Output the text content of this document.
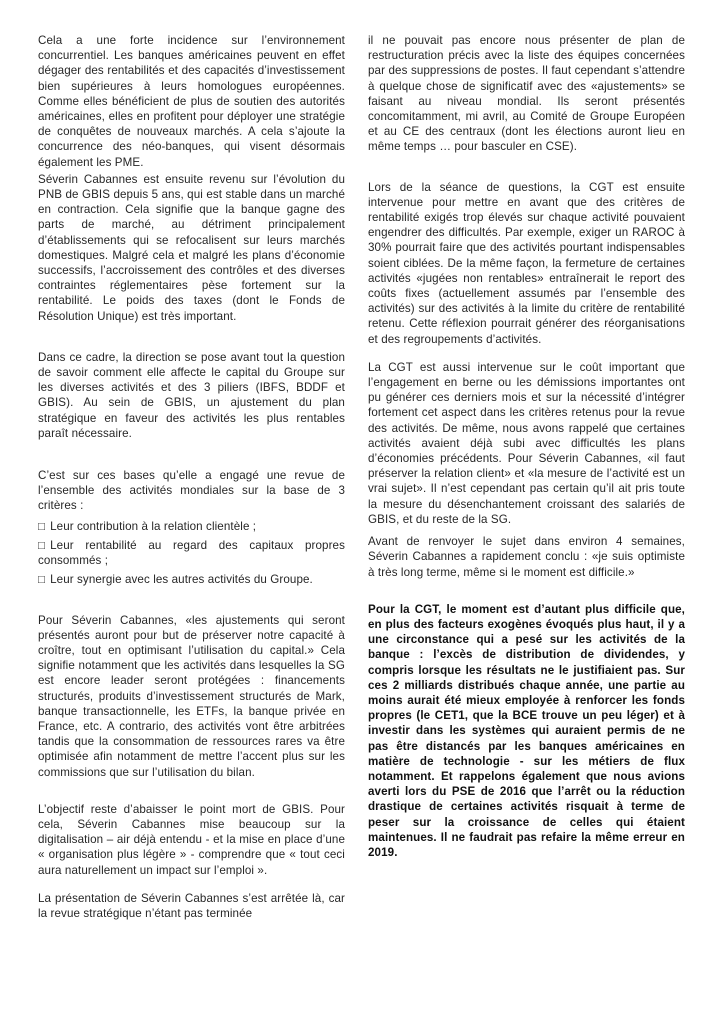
Cela a une forte incidence sur l’environnement concurrentiel. Les banques américaines peuvent en effet dégager des rentabilités et des capacités d’investissement bien supérieures à leurs homologues européennes. Comme elles bénéficient de plus de soutien des autorités américaines, elles en profitent pour déployer une stratégie de conquêtes de nouveaux marchés. A cela s’ajoute la concurrence des néo-banques, qui visent désormais également les PME.

Séverin Cabannes est ensuite revenu sur l’évolution du PNB de GBIS depuis 5 ans, qui est stable dans un marché en contraction. Cela signifie que la banque gagne des parts de marché, au détriment principalement d’établissements qui se refocalisent sur leurs marchés domestiques. Malgré cela et malgré les plans d’économie successifs, l’accroissement des contrôles et des diverses contraintes réglementaires pèse fortement sur la rentabilité. Le poids des taxes (dont le Fonds de Résolution Unique) est très important.

Dans ce cadre, la direction se pose avant tout la question de savoir comment elle affecte le capital du Groupe sur les diverses activités et des 3 piliers (IBFS, BDDF et GBIS). Au sein de GBIS, un ajustement du plan stratégique en faveur des activités les plus rentables paraît nécessaire.

C’est sur ces bases qu’elle a engagé une revue de l’ensemble des activités mondiales sur la base de 3 critères :

□ Leur contribution à la relation clientèle ;

□ Leur rentabilité au regard des capitaux propres consommés ;

□ Leur synergie avec les autres activités du Groupe.

Pour Séverin Cabannes, «les ajustements qui seront présentés auront pour but de préserver notre capacité à croître, tout en optimisant l’utilisation du capital.» Cela signifie notamment que les activités dans lesquelles la SG est encore leader seront protégées : financements structurés, produits d’investissement structurés de Mark, banque transactionnelle, les ETFs, la banque privée en France, etc. A contrario, des activités vont être arbitrées tandis que la consommation de ressources rares va être optimisée afin notamment de mettre l’accent plus sur les commissions que sur l’utilisation du bilan.

L’objectif reste d’abaisser le point mort de GBIS. Pour cela, Séverin Cabannes mise beaucoup sur la digitalisation – air déjà entendu - et la mise en place d’une « organisation plus légère » - comprendre que « tout ceci aura naturellement un impact sur l’emploi ».

La présentation de Séverin Cabannes s’est arrêtée là, car la revue stratégique n’étant pas terminée

il ne pouvait pas encore nous présenter de plan de restructuration précis avec la liste des équipes concernées par des suppressions de postes. Il faut cependant s’attendre à quelque chose de significatif avec des «ajustements» se faisant au niveau mondial. Ils seront présentés concomitamment, mi avril, au Comité de Groupe Européen et au CE des centraux (dont les élections auront lieu en même temps … pour basculer en CSE).

Lors de la séance de questions, la CGT est ensuite intervenue pour mettre en avant que des critères de rentabilité exigés trop élevés sur chaque activité pouvaient engendrer des difficultés. Par exemple, exiger un RAROC à 30% pourrait faire que des activités pourtant indispensables soient ciblées. De la même façon, la fermeture de certaines activités «jugées non rentables» entraînerait le report des coûts fixes (actuellement assumés par l’ensemble des activités) sur des activités à la limite du critère de rentabilité retenu. Cette réflexion pourrait générer des réorganisations et des regroupements d’activités.

La CGT est aussi intervenue sur le coût important que l’engagement en berne ou les démissions importantes ont pu générer ces derniers mois et sur la nécessité d’intégrer fortement cet aspect dans les critères retenus pour la revue des activités. De même, nous avons rappelé que certaines activités avaient déjà subi avec difficultés les plans d’économies précédents. Pour Séverin Cabannes, «il faut préserver la relation client» et «la mesure de l’activité est un vrai sujet». Il n’est cependant pas certain qu’il ait pris toute la mesure du désenchantement croissant des salariés de GBIS, et du reste de la SG.

Avant de renvoyer le sujet dans environ 4 semaines, Séverin Cabannes a rapidement conclu : «je suis optimiste à très long terme, même si le moment est difficile.»

Pour la CGT, le moment est d’autant plus difficile que, en plus des facteurs exogènes évoqués plus haut, il y a une circonstance qui a pesé sur les activités de la banque : l’excès de distribution de dividendes, y compris lorsque les résultats ne le justifiaient pas. Sur ces 2 milliards distribués chaque année, une partie au moins aurait été mieux employée à renforcer les fonds propres (le CET1, que la BCE trouve un peu léger) et à investir dans les systèmes qui auraient permis de ne pas être distancés par les banques américaines en matière de technologie - sur les métiers de flux notamment. Et rappelons également que nous avions averti lors du PSE de 2016 que l’arrêt ou la réduction drastique de certaines activités risquait à terme de peser sur la croissance de celles qui étaient maintenues. Il ne faudrait pas refaire la même erreur en 2019.
